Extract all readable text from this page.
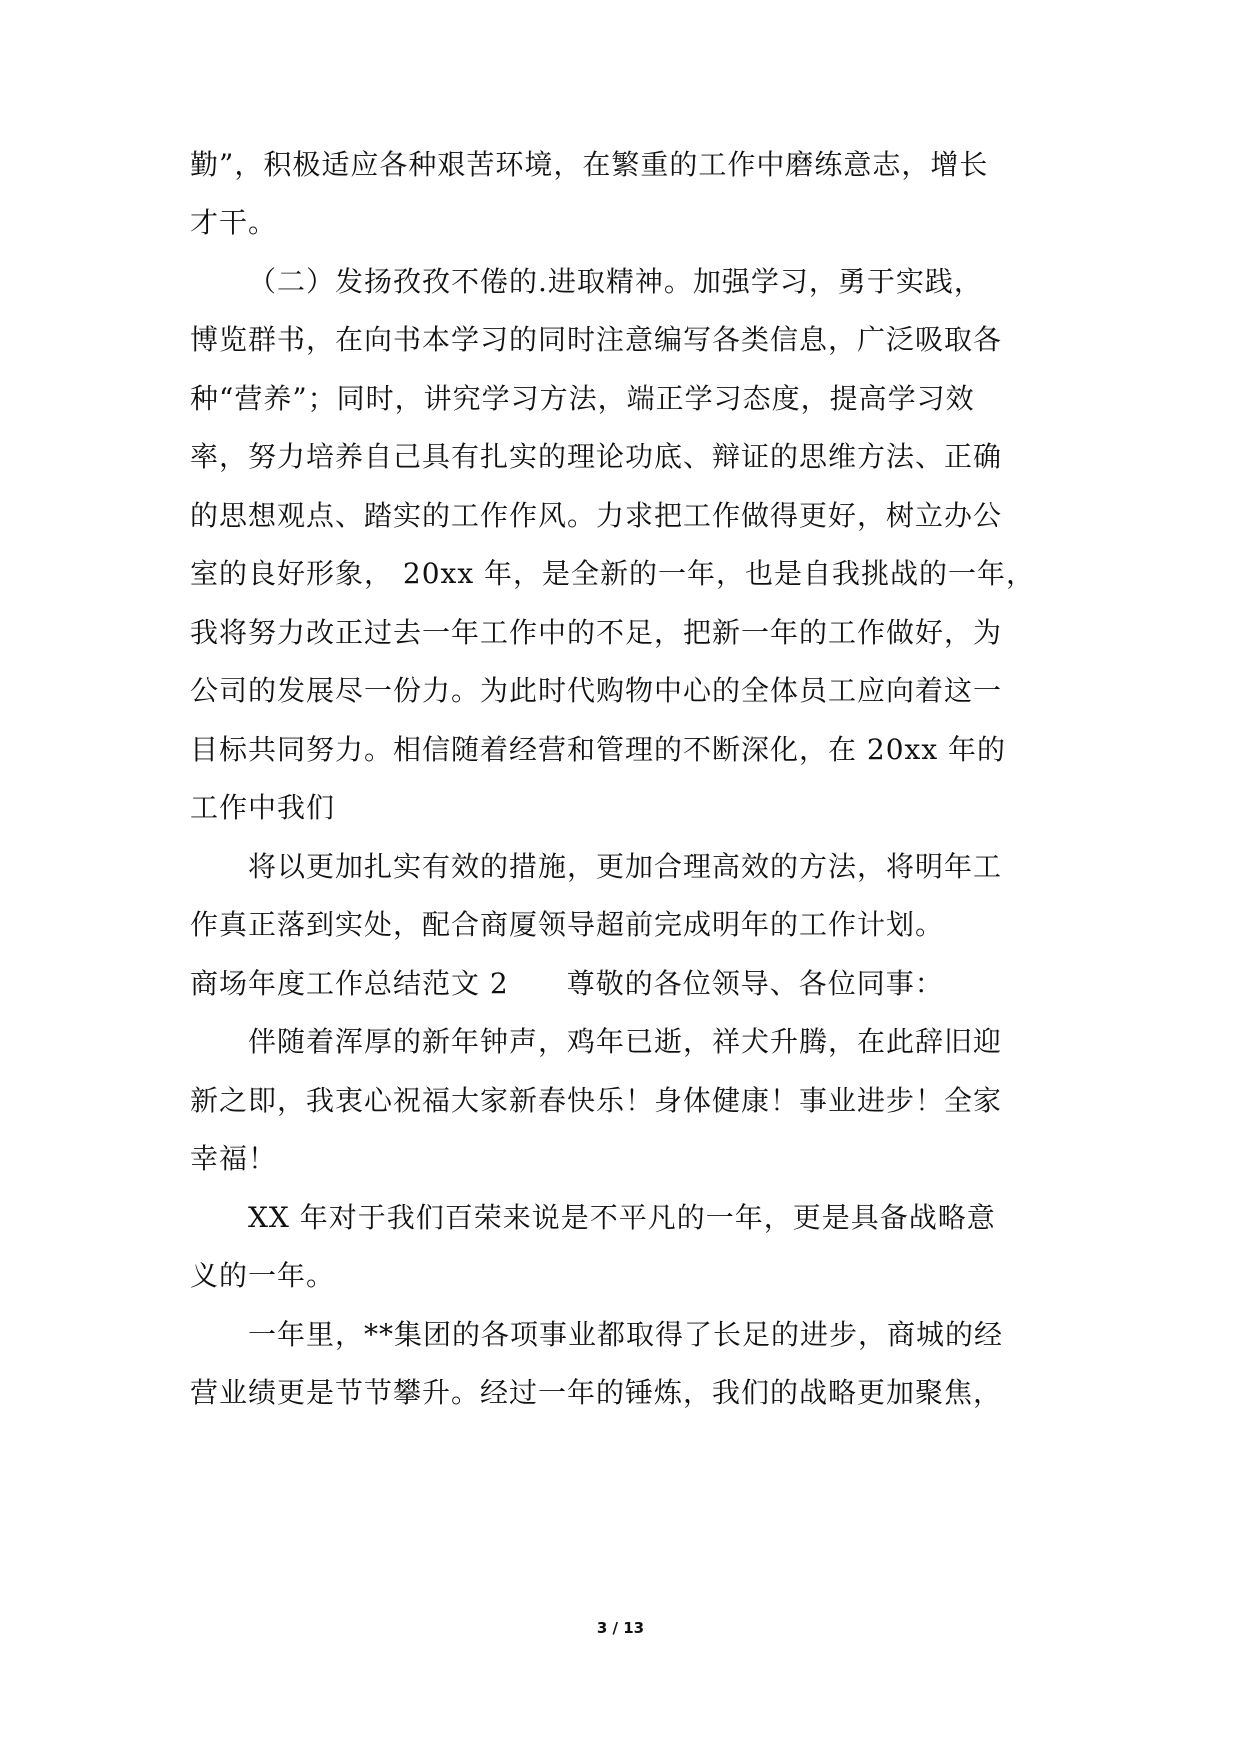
勤”，积极适应各种艰苦环境，在繁重的工作中磨练意志，增长
才干。
（二）发扬孜孜不倦的.进取精神。加强学习，勇于实践，
博览群书，在向书本学习的同时注意编写各类信息，广泛吸取各
种“营养”；同时，讲究学习方法，端正学习态度，提高学习效
率，努力培养自己具有扎实的理论功底、辩证的思维方法、正确
的思想观点、踏实的工作作风。力求把工作做得更好，树立办公
室的良好形象， 20xx 年，是全新的一年，也是自我挑战的一年，
我将努力改正过去一年工作中的不足，把新一年的工作做好，为
公司的发展尽一份力。为此时代购物中心的全体员工应向着这一
目标共同努力。相信随着经营和管理的不断深化，在 20xx 年的
工作中我们
将以更加扎实有效的措施，更加合理高效的方法，将明年工
作真正落到实处，配合商厦领导超前完成明年的工作计划。
商场年度工作总结范文 2　　尊敬的各位领导、各位同事：
伴随着浑厚的新年钟声，鸡年已逝，祥犬升腾，在此辞旧迎
新之即，我衷心祝福大家新春快乐！身体健康！事业进步！全家
幸福！
XX 年对于我们百荣来说是不平凡的一年，更是具备战略意
义的一年。
一年里，**集团的各项事业都取得了长足的进步，商城的经
营业绩更是节节攀升。经过一年的锤炼，我们的战略更加聚焦，
3 / 13
